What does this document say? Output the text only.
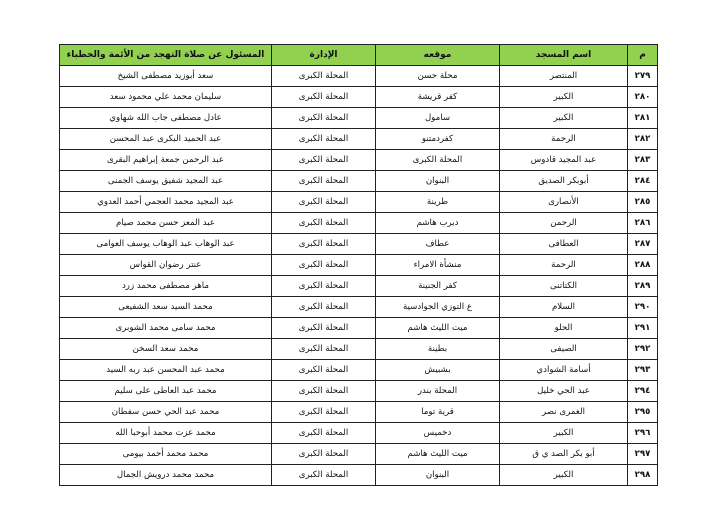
م	اسم المسجد	موقعه	الإدارة	المسئول عن صلاة التهجد من الأئمة والخطباء
٢٧٩	المنتصر	محلة حسن	المحلة الكبرى	سعد أبوزيد مصطفى الشيخ
٢٨٠	الكبير	كفر قريشة	المحلة الكبرى	سليمان محمد علي محمود سعد
٢٨١	الكبير	سامول	المحلة الكبرى	عادل مصطفى جاب الله شهاوي
٢٨٢	الرحمة	كفردمتنو	المحلة الكبرى	عبد الحميد البكرى عبد المحسن
٢٨٣	عبد المجيد قادوس	المحلة الكبرى	المحلة الكبرى	عبد الرحمن جمعة إبراهيم البقرى
٢٨٤	أبوبكر الصديق	البنوان	المحلة الكبرى	عبد المجيد شفيق يوسف الجمنى
٢٨٥	الأنصارى	طرينة	المحلة الكبرى	عبد المجيد محمد العجمي أحمد العدوي
٢٨٦	الرحمن	ديرب هاشم	المحلة الكبرى	عبد المعز حسن محمد صيام
٢٨٧	العطافى	عطاف	المحلة الكبرى	عبد الوهاب عبد الوهاب يوسف العوامى
٢٨٨	الرحمة	منشأة الامراء	المحلة الكبرى	عنتر رضوان القواس
٢٨٩	الكتاتنى	كفر الجنينة	المحلة الكبرى	ماهر مصطفى محمد زرد
٢٩٠	السلام	ع التوزي الجوادسية	المحلة الكبرى	محمد السيد سعد الشفيعى
٢٩١	الحلو	ميت الليث هاشم	المحلة الكبرى	محمد سامى محمد الشوبرى
٢٩٢	الصيفى	بطينة	المحلة الكبرى	محمد سعد السخن
٢٩٣	أسامة الشوادي	بشبيش	المحلة الكبرى	محمد عبد المحسن عبد ربه السيد
٢٩٤	عبد الحي خليل	المحلة بندر	المحلة الكبرى	محمد عبد العاطى على سليم
٢٩٥	الغمرى نصر	قرية توما	المحلة الكبرى	محمد عبد الحي حسن سفطان
٢٩٦	الكبير	دخميس	المحلة الكبرى	محمد عزت محمد أبوحبا الله
٢٩٧	أبو بكر الصد ي ق	ميت الليث هاشم	المحلة الكبرى	محمد محمد أحمد بيومى
٢٩٨	الكبير	البنوان	المحلة الكبرى	محمد محمد درويش الجمال
